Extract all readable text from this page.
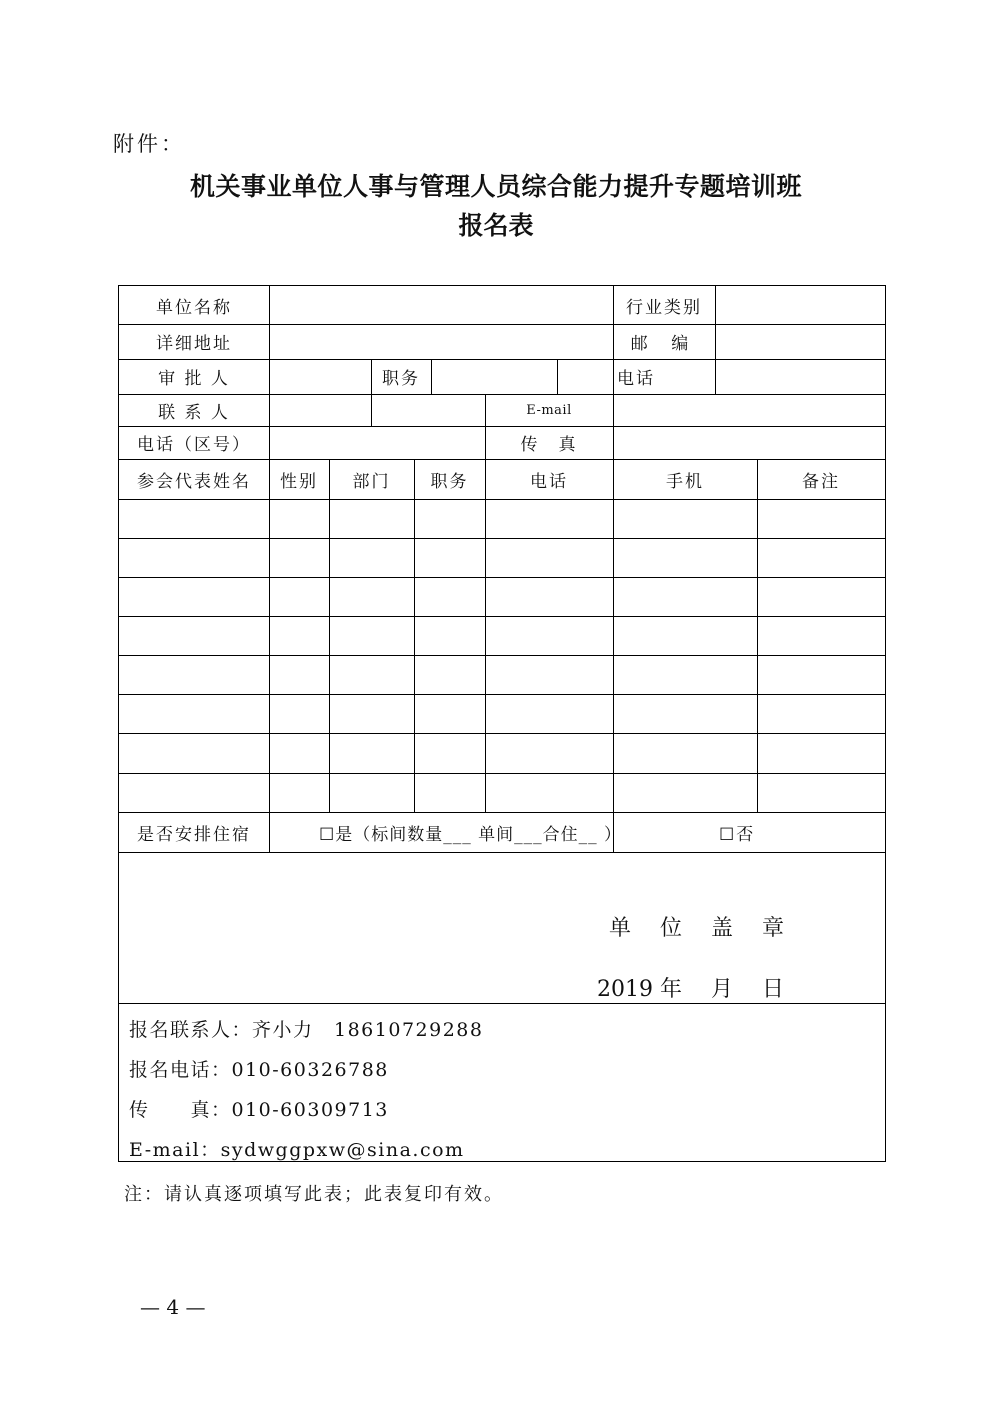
附件：
机关事业单位人事与管理人员综合能力提升专题培训班
报名表
单位名称	行业类别
详细地址	邮 编
审 批 人	职务	电话
联 系 人	E-mail
电话（区号）	传　真
参会代表姓名	性别	部门	职务	电话	手机	备注
是否安排住宿	☐是（标间数量___ 单间___合住__ ）	☐否
单 位 盖 章
2019 年　 月　 日
报名联系人：齐小力　18610729288
报名电话：010-60326788
传　　真：010-60309713
E-mail：sydwggpxw@sina.com
注：请认真逐项填写此表；此表复印有效。
— 4 —
